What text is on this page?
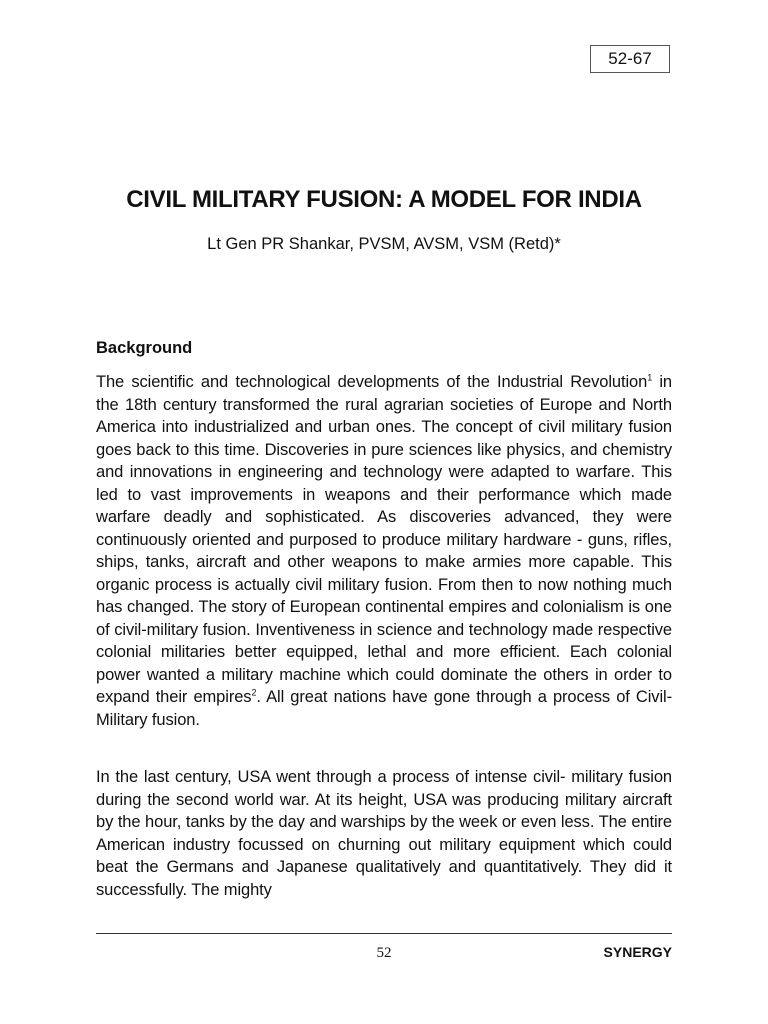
52-67
CIVIL MILITARY FUSION: A MODEL FOR INDIA

Lt Gen PR Shankar, PVSM, AVSM, VSM (Retd)*

Background

The scientific and technological developments of the Industrial Revolution$^1$ in the 18th century transformed the rural agrarian societies of Europe and North America into industrialized and urban ones. The concept of civil military fusion goes back to this time. Discoveries in pure sciences like physics, and chemistry and innovations in engineering and technology were adapted to warfare. This led to vast improvements in weapons and their performance which made warfare deadly and sophisticated. As discoveries advanced, they were continuously oriented and purposed to produce military hardware - guns, rifles, ships, tanks, aircraft and other weapons to make armies more capable. This organic process is actually civil military fusion. From then to now nothing much has changed. The story of European continental empires and colonialism is one of civil-military fusion. Inventiveness in science and technology made respective colonial militaries better equipped, lethal and more efficient. Each colonial power wanted a military machine which could dominate the others in order to expand their empires$^2$. All great nations have gone through a process of Civil- Military fusion.

In the last century, USA went through a process of intense civil- military fusion during the second world war. At its height, USA was producing military aircraft by the hour, tanks by the day and warships by the week or even less. The entire American industry focussed on churning out military equipment which could beat the Germans and Japanese qualitatively and quantitatively. They did it successfully. The mighty

52	SYNERGY
